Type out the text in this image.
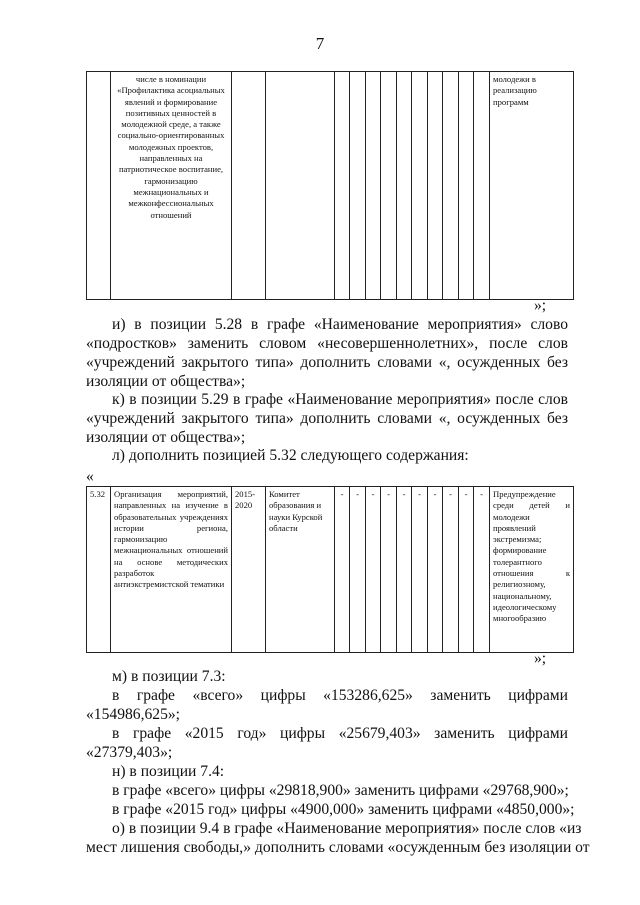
7
	числе в номинации «Профилактика асоциальных явлений и формирование позитивных ценностей в молодежной среде, а также социально-ориентированных молодежных проектов, направленных на патриотическое воспитание, гармонизацию межнациональных и межконфессиональных отношений													молодежи в реализацию программ
»;
и) в позиции 5.28 в графе «Наименование мероприятия» слово
«подростков» заменить словом «несовершеннолетних», после слов
«учреждений закрытого типа» дополнить словами «, осужденных без
изоляции от общества»;
к) в позиции 5.29 в графе «Наименование мероприятия» после слов
«учреждений закрытого типа» дополнить словами «, осужденных без
изоляции от общества»;
л) дополнить позицией 5.32 следующего содержания:
«
5.32	Организация мероприятий, направленных на изучение в образовательных учреждениях истории региона, гармонизацию межнациональных отношений на основе методических разработок антиэкстремистской тематики	2015-2020	Комитет образования и науки Курской области	-	-	-	-	-	-	-	-	-	-	Предупреждение среди детей и молодежи проявлений экстремизма; формирование толерантного отношения к религиозному, национальному, идеологическому многообразию
»;
м) в позиции 7.3:
в графе «всего» цифры «153286,625» заменить цифрами
«154986,625»;
в графе «2015 год» цифры «25679,403» заменить цифрами
«27379,403»;
н) в позиции 7.4:
в графе «всего» цифры «29818,900» заменить цифрами «29768,900»;
в графе «2015 год» цифры «4900,000» заменить цифрами «4850,000»;
о) в позиции 9.4 в графе «Наименование мероприятия» после слов «из
мест лишения свободы,» дополнить словами «осужденным без изоляции от
